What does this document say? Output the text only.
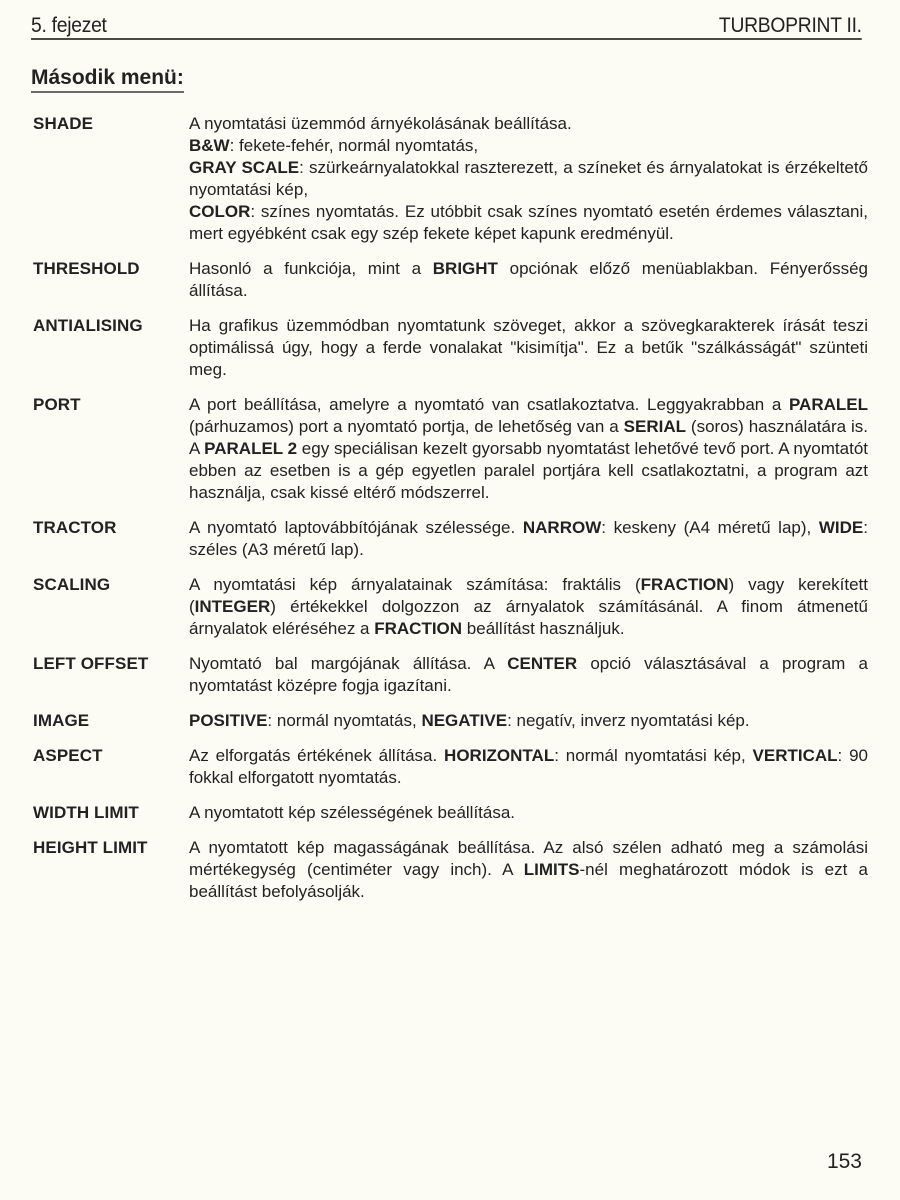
5. fejezet	TURBOPRINT II.
Második menü:
SHADE	A nyomtatási üzemmód árnyékolásának beállítása.
B&W: fekete-fehér, normál nyomtatás,
GRAY SCALE: szürkeárnyalatokkal raszterezett, a színeket és árnyalatokat is érzékeltető nyomtatási kép,
COLOR: színes nyomtatás. Ez utóbbit csak színes nyomtató esetén érdemes választani, mert egyébként csak egy szép fekete képet kapunk eredményül.
THRESHOLD	Hasonló a funkciója, mint a BRIGHT opciónak előző menüablakban. Fényerősség állítása.
ANTIALISING	Ha grafikus üzemmódban nyomtatunk szöveget, akkor a szövegkarakterek írását teszi optimálissá úgy, hogy a ferde vonalakat "kisimítja". Ez a betűk "szálkásságát" szünteti meg.
PORT	A port beállítása, amelyre a nyomtató van csatlakoztatva. Leggyakrabban a PARALEL (párhuzamos) port a nyomtató portja, de lehetőség van a SERIAL (soros) használatára is. A PARALEL 2 egy speciálisan kezelt gyorsabb nyomtatást lehetővé tevő port. A nyomtatót ebben az esetben is a gép egyetlen paralel portjára kell csatlakoztatni, a program azt használja, csak kissé eltérő módszerrel.
TRACTOR	A nyomtató laptovábbítójának szélessége. NARROW: keskeny (A4 méretű lap), WIDE: széles (A3 méretű lap).
SCALING	A nyomtatási kép árnyalatainak számítása: fraktális (FRACTION) vagy kerekített (INTEGER) értékekkel dolgozzon az árnyalatok számításánál. A finom átmenetű árnyalatok eléréséhez a FRACTION beállítást használjuk.
LEFT OFFSET Nyomtató bal margójának állítása. A CENTER opció választásával a program a nyomtatást középre fogja igazítani.
IMAGE	POSITIVE: normál nyomtatás, NEGATIVE: negatív, inverz nyomtatási kép.
ASPECT	Az elforgatás értékének állítása. HORIZONTAL: normál nyomtatási kép, VERTICAL: 90 fokkal elforgatott nyomtatás.
WIDTH LIMIT	A nyomtatott kép szélességének beállítása.
HEIGHT LIMIT A nyomtatott kép magasságának beállítása. Az alsó szélen adható meg a számolási mértékegység (centiméter vagy inch). A LIMITS-nél meghatározott módok is ezt a beállítást befolyásolják.
153
